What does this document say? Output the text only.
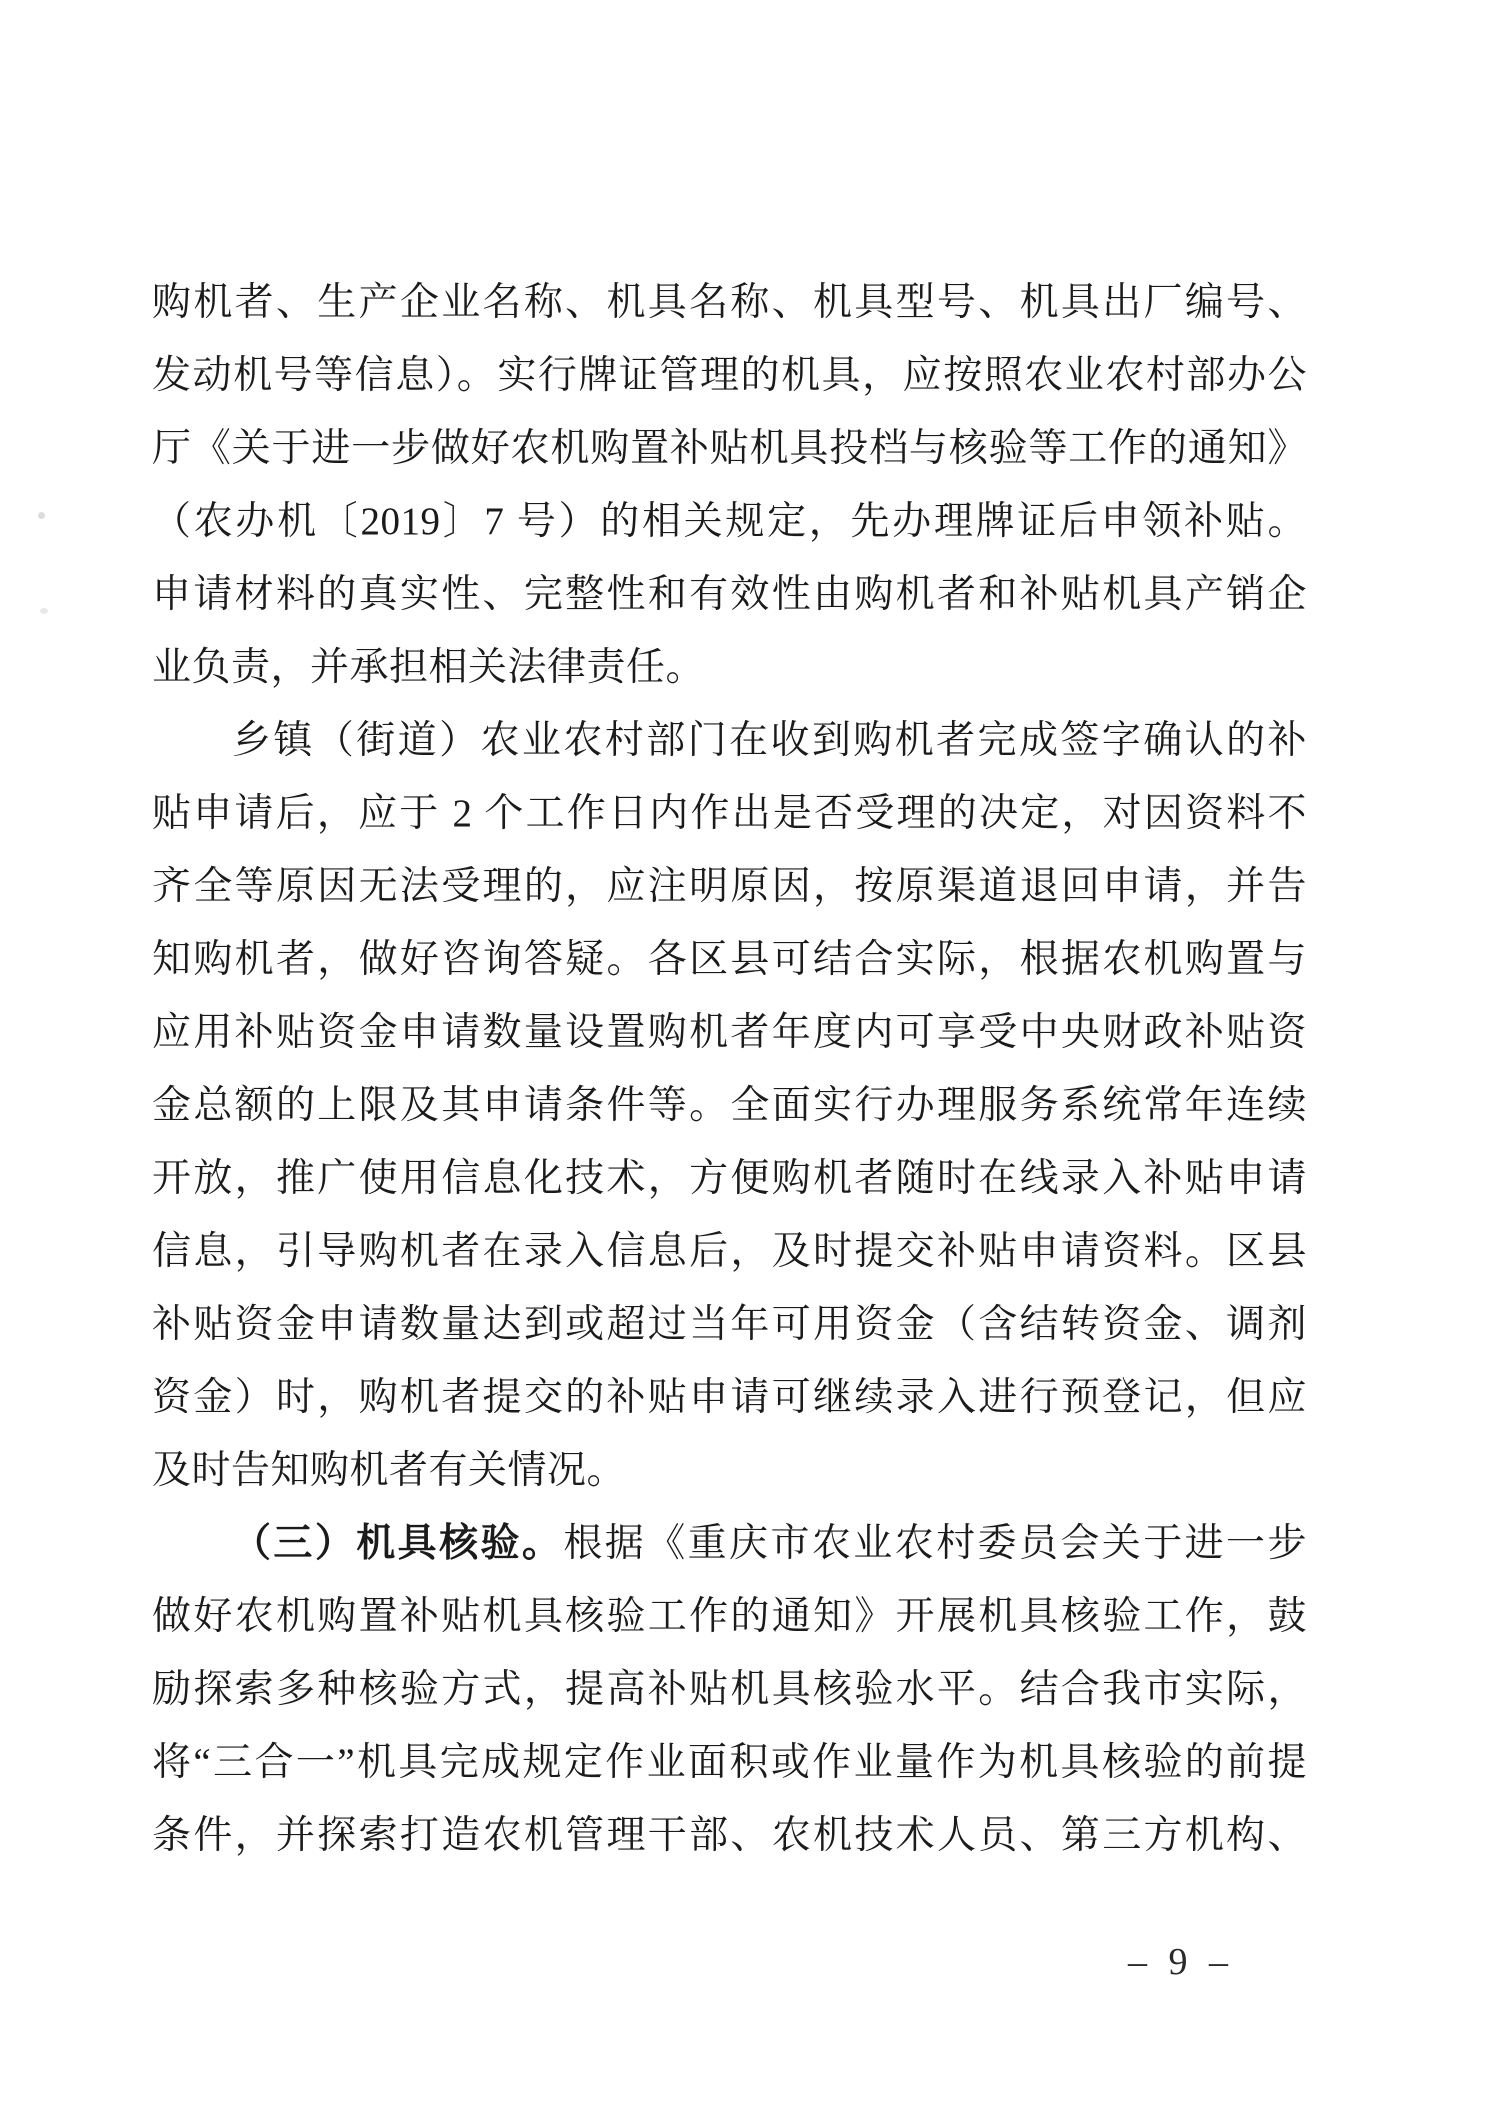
购机者、生产企业名称、机具名称、机具型号、机具出厂编号、
发动机号等信息）。实行牌证管理的机具，应按照农业农村部办公
厅《关于进一步做好农机购置补贴机具投档与核验等工作的通知》
（农办机〔2019〕7 号）的相关规定，先办理牌证后申领补贴。
申请材料的真实性、完整性和有效性由购机者和补贴机具产销企
业负责，并承担相关法律责任。
乡镇（街道）农业农村部门在收到购机者完成签字确认的补
贴申请后，应于 2 个工作日内作出是否受理的决定，对因资料不
齐全等原因无法受理的，应注明原因，按原渠道退回申请，并告
知购机者，做好咨询答疑。各区县可结合实际，根据农机购置与
应用补贴资金申请数量设置购机者年度内可享受中央财政补贴资
金总额的上限及其申请条件等。全面实行办理服务系统常年连续
开放，推广使用信息化技术，方便购机者随时在线录入补贴申请
信息，引导购机者在录入信息后，及时提交补贴申请资料。区县
补贴资金申请数量达到或超过当年可用资金（含结转资金、调剂
资金）时，购机者提交的补贴申请可继续录入进行预登记，但应
及时告知购机者有关情况。
（三）机具核验。根据《重庆市农业农村委员会关于进一步
做好农机购置补贴机具核验工作的通知》开展机具核验工作，鼓
励探索多种核验方式，提高补贴机具核验水平。结合我市实际，
将“三合一”机具完成规定作业面积或作业量作为机具核验的前提
条件，并探索打造农机管理干部、农机技术人员、第三方机构、
– 9 –
